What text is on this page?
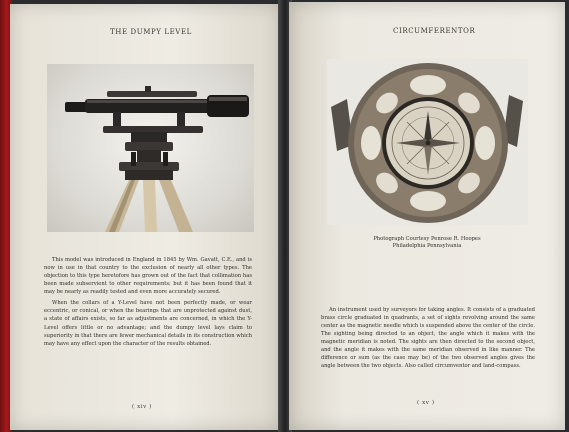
THE DUMPY LEVEL

This model was introduced in England in 1845 by Wm. Gavatt, C.E., and is now in use in that country to the exclusion of nearly all other types. The objection to this type heretofore has grown out of the fact that collimation has been made subservient to other requirements; but it has been found that it may be nearly as readily tested and even more accurately secured.

When the collars of a Y-Level have not been perfectly made, or wear eccentric, or conical, or when the bearings that are unprotected against dust, a state of affairs exists, so far as adjustments are concerned, in which the Y-Level offers little or no advantage; and the dumpy level lays claim to superiority in that there are fewer mechanical details in its construction which may have any effect upon the character of the results obtained.

( xiv )
CIRCUMFERENTOR
Photograph Courtesy Penrose R. Hoopes
Philadelphia Pennsylvania

An instrument used by surveyors for taking angles. It consists of a graduated brass circle graduated in quadrants, a set of sights revolving around the same center as the magnetic needle which is suspended above the center of the circle. The sighting being directed to an object, the angle which it makes with the magnetic meridian is noted. The sights are then directed to the second object, and the angle it makes with the same meridian observed in like manner. The difference or sum (as the case may be) of the two observed angles gives the angle between the two objects. Also called circumventor and land-compass.

( xv )
